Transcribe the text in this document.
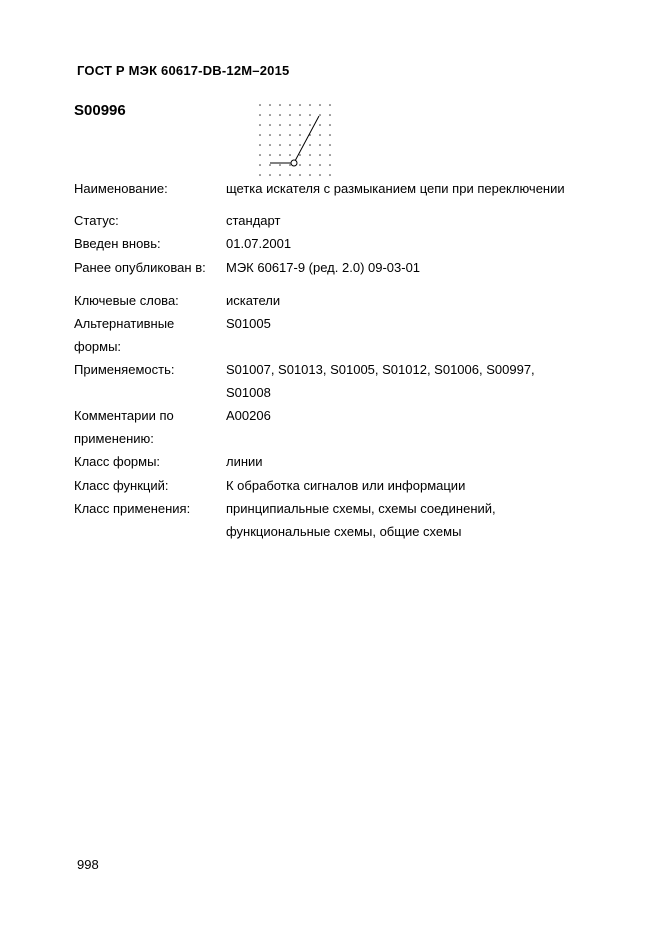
ГОСТ Р МЭК 60617-DB-12M–2015
S00996
Наименование:	щетка искателя с размыканием цепи при переключении
Статус:	стандарт
Введен вновь:	01.07.2001
Ранее опубликован в: МЭК 60617-9 (ред. 2.0) 09-03-01
Ключевые слова:	искатели
Альтернативные	S01005
формы:
Применяемость:	S01007, S01013, S01005, S01012, S01006, S00997,
S01008
Комментарии по	A00206
применению:
Класс формы:	линии
Класс функций:	К обработка сигналов или информации
Класс применения:	принципиальные схемы, схемы соединений,
функциональные схемы, общие схемы
998
